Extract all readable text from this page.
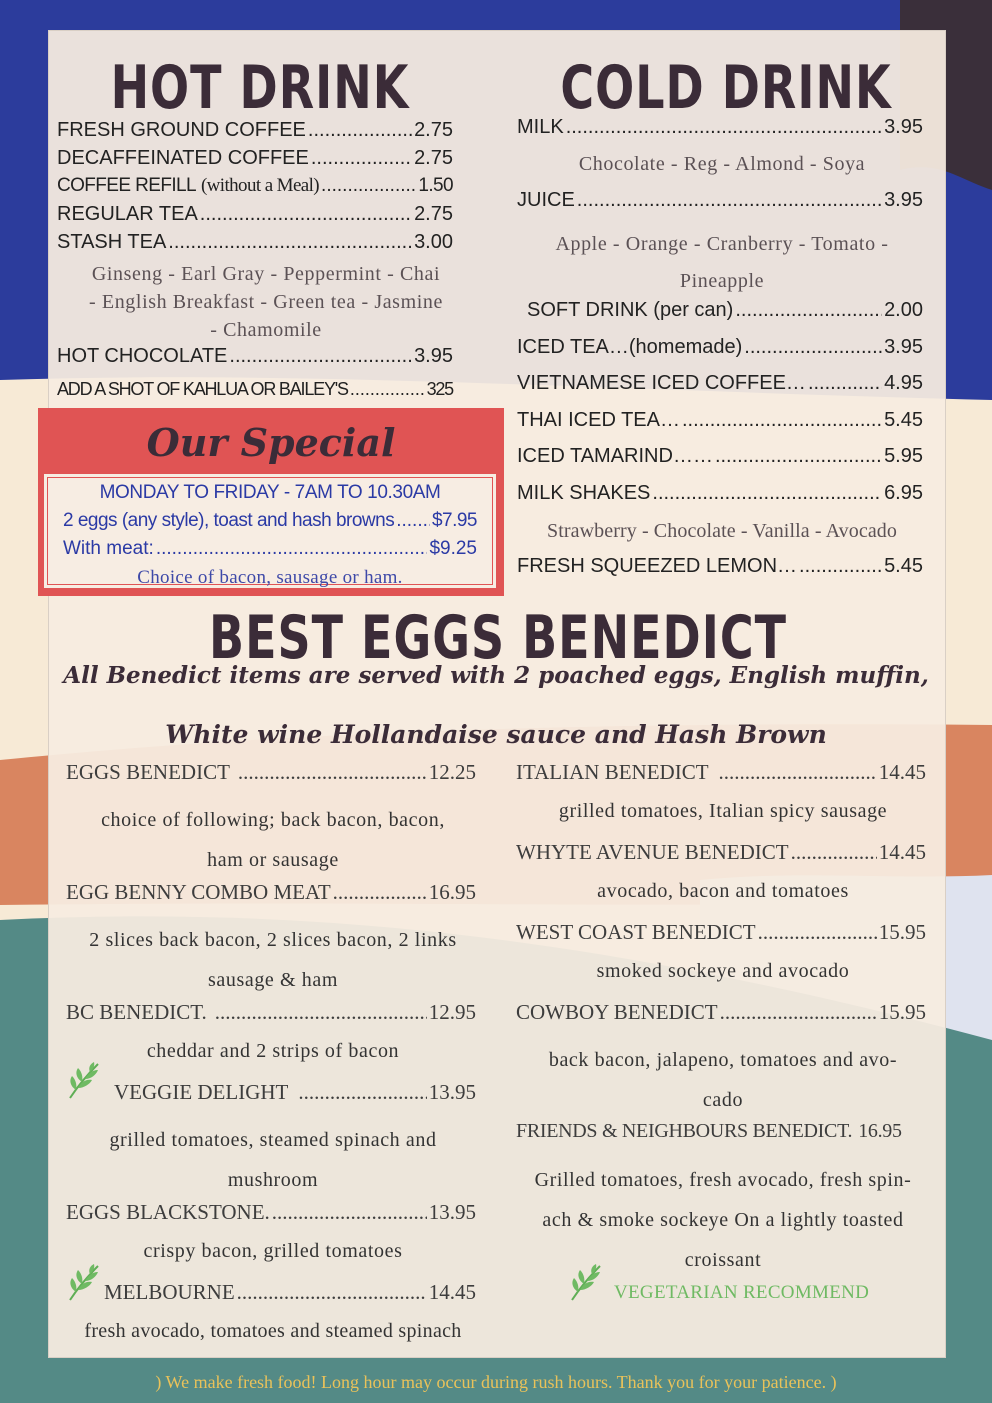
HOT DRINK
FRESH GROUND COFFEE .....	2.75
DECAFFEINATED COFFEE .....	2.75
COFFEE REFILL (without a Meal) .....	1.50
REGULAR TEA .....	2.75
STASH TEA .....	3.00
Ginseng - Earl Gray - Peppermint - Chai
- English Breakfast - Green tea - Jasmine
- Chamomile
HOT CHOCOLATE .....	3.95
ADD A SHOT OF KAHLUA OR BAILEY'S .....	325
Our Special
MONDAY TO FRIDAY - 7AM TO 10.30AM
2 eggs (any style), toast and hash browns ..... $7.95
With meat: .....	$9.25
Choice of bacon, sausage or ham.
COLD DRINK
MILK .....	3.95
Chocolate - Reg - Almond - Soya
JUICE .....	3.95
Apple - Orange - Cranberry - Tomato -
Pineapple
SOFT DRINK (per can) .....	2.00
ICED TEA…(homemade) .....	3.95
VIETNAMESE ICED COFFEE… .....	4.95
THAI ICED TEA… .....	5.45
ICED TAMARIND…… .....	5.95
MILK SHAKES .....	6.95
Strawberry - Chocolate - Vanilla - Avocado
FRESH SQUEEZED LEMON… .....	5.45
BEST EGGS BENEDICT
All Benedict items are served with 2 poached eggs, English muffin,
White wine Hollandaise sauce and Hash Brown
EGGS BENEDICT .....	12.25
choice of following; back bacon, bacon,
ham or sausage
EGG BENNY COMBO MEAT .....	16.95
2 slices back bacon, 2 slices bacon, 2 links
sausage & ham
BC BENEDICT. .....	12.95
cheddar and 2 strips of bacon
VEGGIE DELIGHT .....	13.95
grilled tomatoes, steamed spinach and
mushroom
EGGS BLACKSTONE. .....	13.95
crispy bacon, grilled tomatoes
MELBOURNE .....	14.45
fresh avocado, tomatoes and steamed spinach
ITALIAN BENEDICT .....	14.45
grilled tomatoes, Italian spicy sausage
WHYTE AVENUE BENEDICT .....	14.45
avocado, bacon and tomatoes
WEST COAST BENEDICT .....	15.95
smoked sockeye and avocado
COWBOY BENEDICT .....	15.95
back bacon, jalapeno, tomatoes and avo-
cado
FRIENDS & NEIGHBOURS BENEDICT. 16.95
Grilled tomatoes, fresh avocado, fresh spin-
ach & smoke sockeye On a lightly toasted
croissant
VEGETARIAN RECOMMEND
) We make fresh food! Long hour may occur during rush hours. Thank you for your patience. )
